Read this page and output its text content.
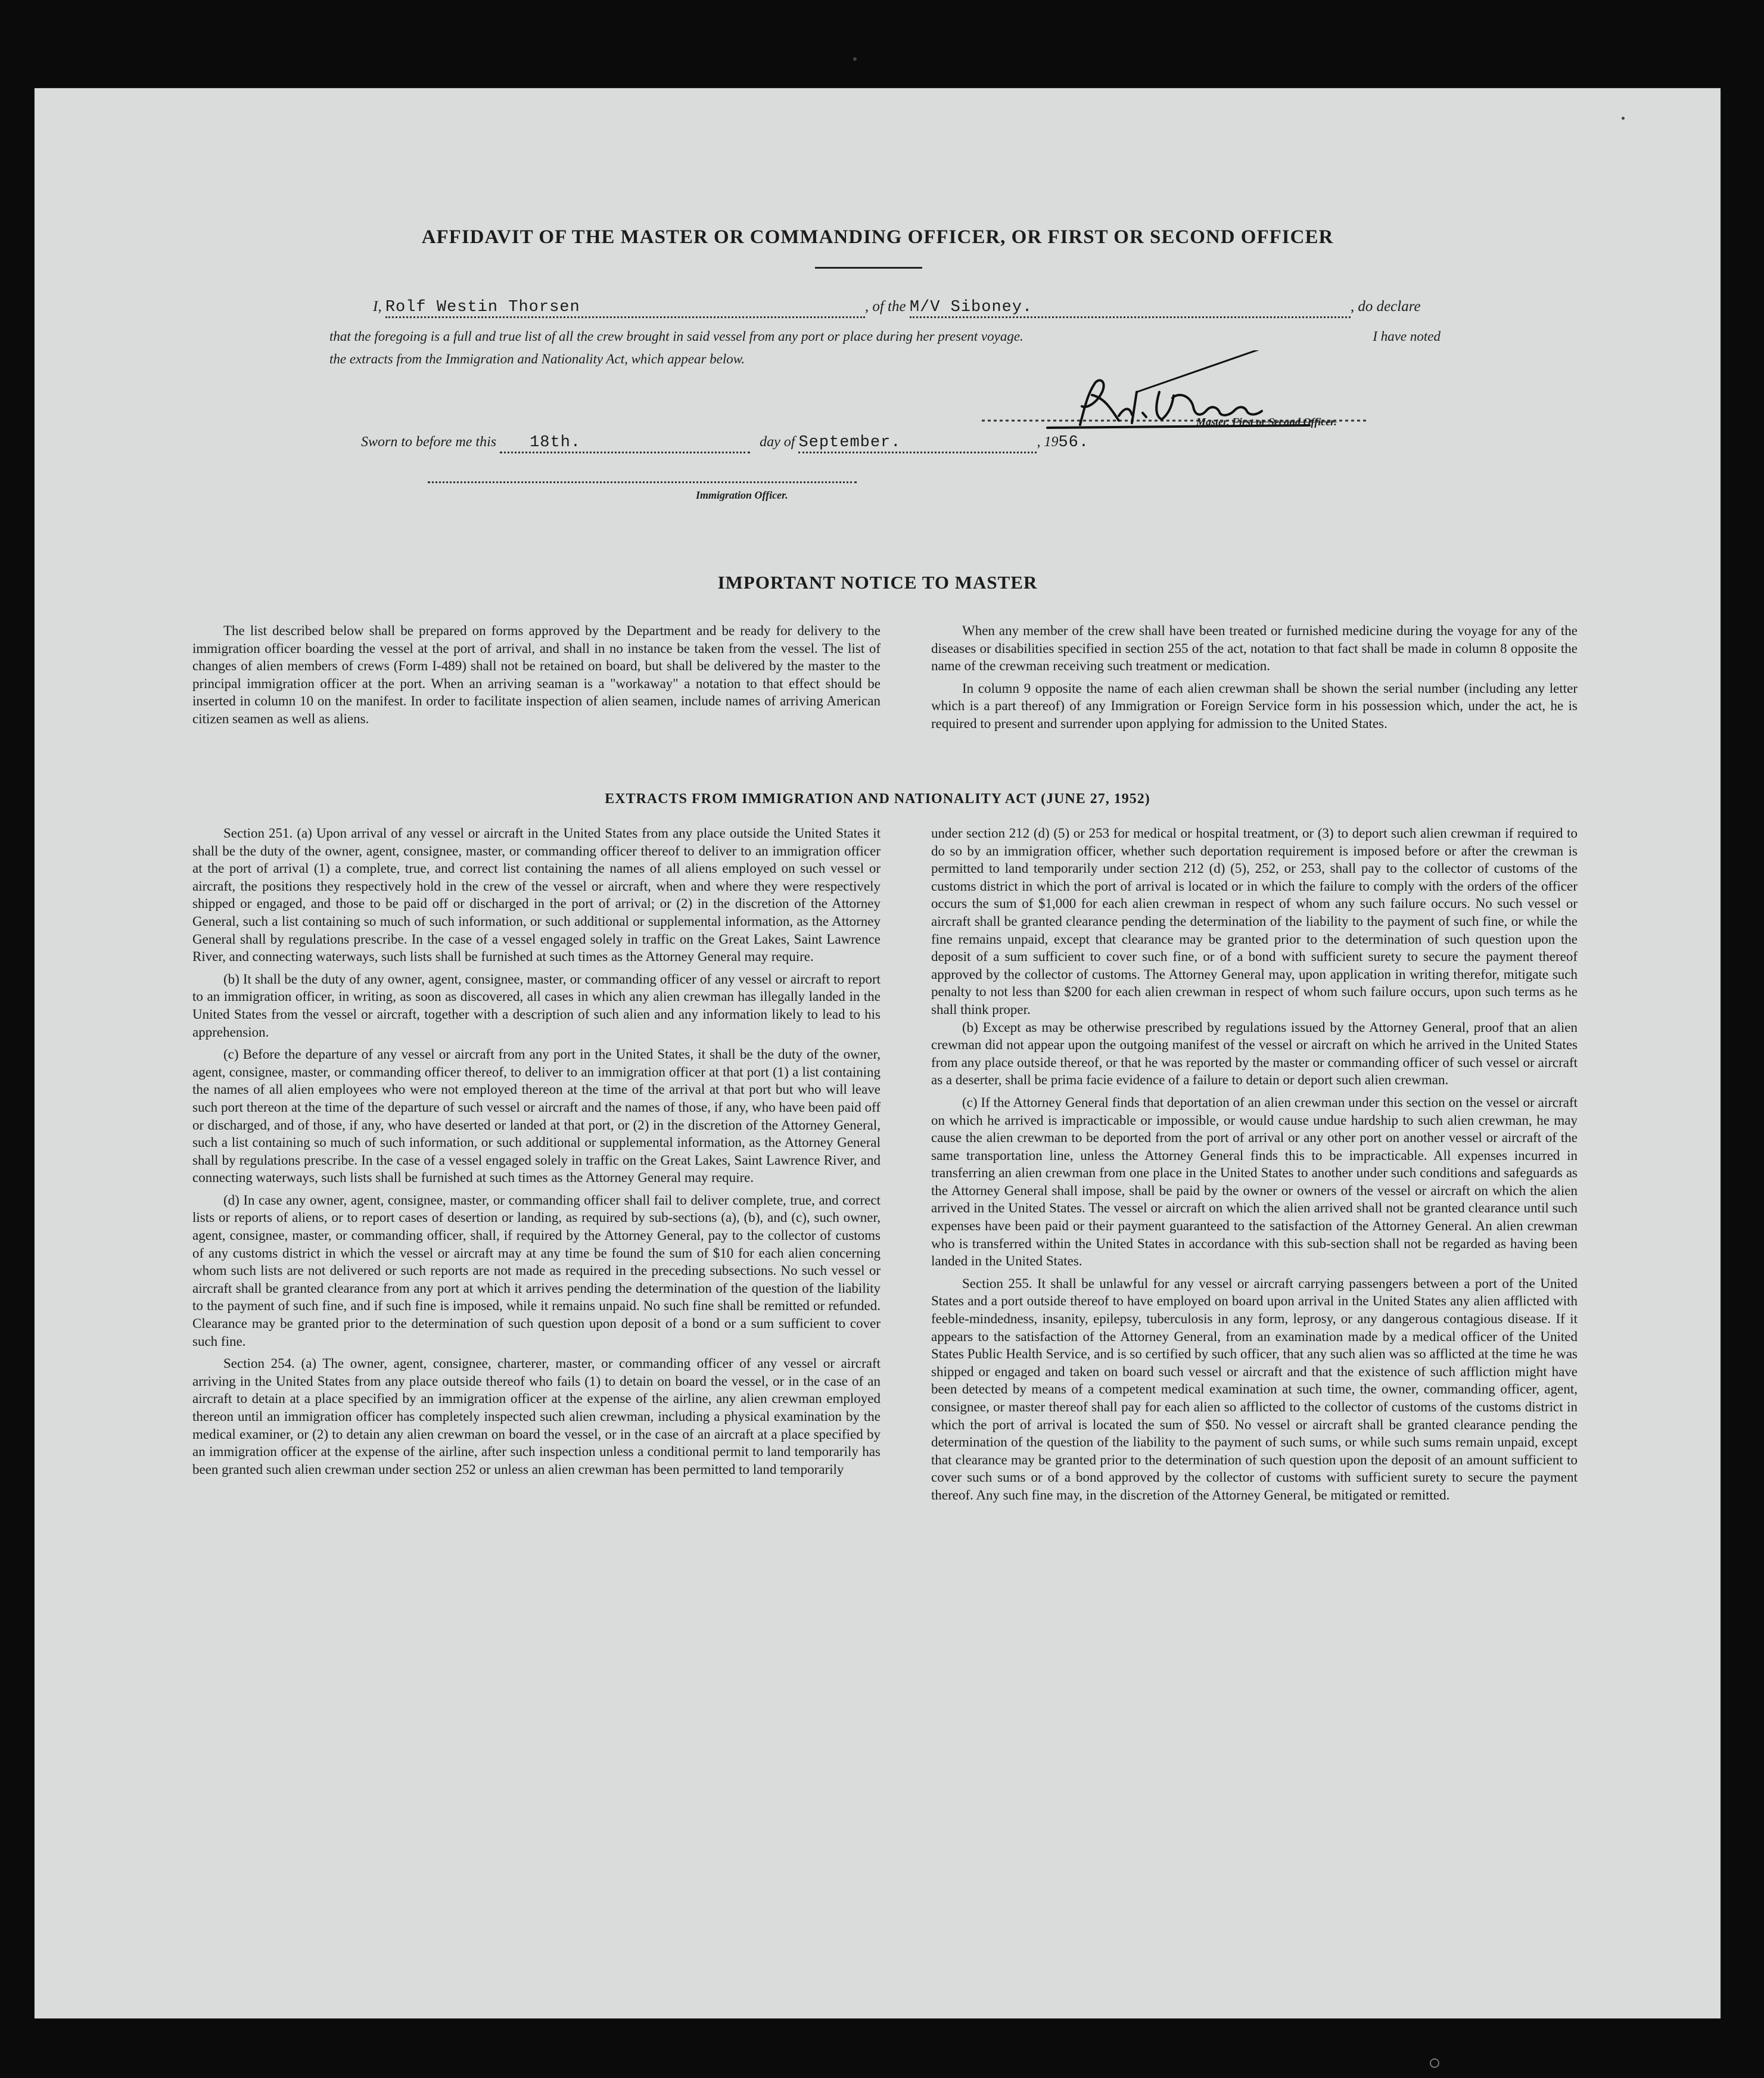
AFFIDAVIT OF THE MASTER OR COMMANDING OFFICER, OR FIRST OR SECOND OFFICER
I, Rolf Westin Thorsen	, of the M/V Siboney.	, do declare
that the foregoing is a full and true list of all the crew brought in said vessel from any port or place during her present voyage.	I have noted
the extracts from the Immigration and Nationality Act, which appear below.
Master, First or Second Officer.
Sworn to before me this 18th.	day of September.	, 1956.
Immigration Officer.
IMPORTANT NOTICE TO MASTER

The list described below shall be prepared on forms approved by the Department and be ready for delivery to the immigration officer boarding the vessel at the port of arrival, and shall in no instance be taken from the vessel. The list of changes of alien members of crews (Form I-489) shall not be retained on board, but shall be delivered by the master to the principal immigration officer at the port. When an arriving seaman is a "workaway" a notation to that effect should be inserted in column 10 on the manifest. In order to facilitate inspection of alien seamen, include names of arriving American citizen seamen as well as aliens.

When any member of the crew shall have been treated or furnished medicine during the voyage for any of the diseases or disabilities specified in section 255 of the act, notation to that fact shall be made in column 8 opposite the name of the crewman receiving such treatment or medication.

In column 9 opposite the name of each alien crewman shall be shown the serial number (including any letter which is a part thereof) of any Immigration or Foreign Service form in his possession which, under the act, he is required to present and surrender upon applying for admission to the United States.

EXTRACTS FROM IMMIGRATION AND NATIONALITY ACT (JUNE 27, 1952)

Section 251. (a) Upon arrival of any vessel or aircraft in the United States from any place outside the United States it shall be the duty of the owner, agent, consignee, master, or commanding officer thereof to deliver to an immigration officer at the port of arrival (1) a complete, true, and correct list containing the names of all aliens employed on such vessel or aircraft, the positions they respectively hold in the crew of the vessel or aircraft, when and where they were respectively shipped or engaged, and those to be paid off or discharged in the port of arrival; or (2) in the discretion of the Attorney General, such a list containing so much of such information, or such additional or supplemental information, as the Attorney General shall by regulations prescribe. In the case of a vessel engaged solely in traffic on the Great Lakes, Saint Lawrence River, and connecting waterways, such lists shall be furnished at such times as the Attorney General may require.

(b) It shall be the duty of any owner, agent, consignee, master, or commanding officer of any vessel or aircraft to report to an immigration officer, in writing, as soon as discovered, all cases in which any alien crewman has illegally landed in the United States from the vessel or aircraft, together with a description of such alien and any information likely to lead to his apprehension.

(c) Before the departure of any vessel or aircraft from any port in the United States, it shall be the duty of the owner, agent, consignee, master, or commanding officer thereof, to deliver to an immigration officer at that port (1) a list containing the names of all alien employees who were not employed thereon at the time of the arrival at that port but who will leave such port thereon at the time of the departure of such vessel or aircraft and the names of those, if any, who have been paid off or discharged, and of those, if any, who have deserted or landed at that port, or (2) in the discretion of the Attorney General, such a list containing so much of such information, or such additional or supplemental information, as the Attorney General shall by regulations prescribe. In the case of a vessel engaged solely in traffic on the Great Lakes, Saint Lawrence River, and connecting waterways, such lists shall be furnished at such times as the Attorney General may require.

(d) In case any owner, agent, consignee, master, or commanding officer shall fail to deliver complete, true, and correct lists or reports of aliens, or to report cases of desertion or landing, as required by sub-sections (a), (b), and (c), such owner, agent, consignee, master, or commanding officer, shall, if required by the Attorney General, pay to the collector of customs of any customs district in which the vessel or aircraft may at any time be found the sum of $10 for each alien concerning whom such lists are not delivered or such reports are not made as required in the preceding subsections. No such vessel or aircraft shall be granted clearance from any port at which it arrives pending the determination of the question of the liability to the payment of such fine, and if such fine is imposed, while it remains unpaid. No such fine shall be remitted or refunded. Clearance may be granted prior to the determination of such question upon deposit of a bond or a sum sufficient to cover such fine.

Section 254. (a) The owner, agent, consignee, charterer, master, or commanding officer of any vessel or aircraft arriving in the United States from any place outside thereof who fails (1) to detain on board the vessel, or in the case of an aircraft to detain at a place specified by an immigration officer at the expense of the airline, any alien crewman employed thereon until an immigration officer has completely inspected such alien crewman, including a physical examination by the medical examiner, or (2) to detain any alien crewman on board the vessel, or in the case of an aircraft at a place specified by an immigration officer at the expense of the airline, after such inspection unless a conditional permit to land temporarily has been granted such alien crewman under section 252 or unless an alien crewman has been permitted to land temporarily

under section 212 (d) (5) or 253 for medical or hospital treatment, or (3) to deport such alien crewman if required to do so by an immigration officer, whether such deportation requirement is imposed before or after the crewman is permitted to land temporarily under section 212 (d) (5), 252, or 253, shall pay to the collector of customs of the customs district in which the port of arrival is located or in which the failure to comply with the orders of the officer occurs the sum of $1,000 for each alien crewman in respect of whom any such failure occurs. No such vessel or aircraft shall be granted clearance pending the determination of the liability to the payment of such fine, or while the fine remains unpaid, except that clearance may be granted prior to the determination of such question upon the deposit of a sum sufficient to cover such fine, or of a bond with sufficient surety to secure the payment thereof approved by the collector of customs. The Attorney General may, upon application in writing therefor, mitigate such penalty to not less than $200 for each alien crewman in respect of whom such failure occurs, upon such terms as he shall think proper.

(b) Except as may be otherwise prescribed by regulations issued by the Attorney General, proof that an alien crewman did not appear upon the outgoing manifest of the vessel or aircraft on which he arrived in the United States from any place outside thereof, or that he was reported by the master or commanding officer of such vessel or aircraft as a deserter, shall be prima facie evidence of a failure to detain or deport such alien crewman.

(c) If the Attorney General finds that deportation of an alien crewman under this section on the vessel or aircraft on which he arrived is impracticable or impossible, or would cause undue hardship to such alien crewman, he may cause the alien crewman to be deported from the port of arrival or any other port on another vessel or aircraft of the same transportation line, unless the Attorney General finds this to be impracticable. All expenses incurred in transferring an alien crewman from one place in the United States to another under such conditions and safeguards as the Attorney General shall impose, shall be paid by the owner or owners of the vessel or aircraft on which the alien arrived in the United States. The vessel or aircraft on which the alien arrived shall not be granted clearance until such expenses have been paid or their payment guaranteed to the satisfaction of the Attorney General. An alien crewman who is transferred within the United States in accordance with this sub-section shall not be regarded as having been landed in the United States.

Section 255. It shall be unlawful for any vessel or aircraft carrying passengers between a port of the United States and a port outside thereof to have employed on board upon arrival in the United States any alien afflicted with feeble-mindedness, insanity, epilepsy, tuberculosis in any form, leprosy, or any dangerous contagious disease. If it appears to the satisfaction of the Attorney General, from an examination made by a medical officer of the United States Public Health Service, and is so certified by such officer, that any such alien was so afflicted at the time he was shipped or engaged and taken on board such vessel or aircraft and that the existence of such affliction might have been detected by means of a competent medical examination at such time, the owner, commanding officer, agent, consignee, or master thereof shall pay for each alien so afflicted to the collector of customs of the customs district in which the port of arrival is located the sum of $50. No vessel or aircraft shall be granted clearance pending the determination of the question of the liability to the payment of such sums, or while such sums remain unpaid, except that clearance may be granted prior to the determination of such question upon the deposit of an amount sufficient to cover such sums or of a bond approved by the collector of customs with sufficient surety to secure the payment thereof. Any such fine may, in the discretion of the Attorney General, be mitigated or remitted.
